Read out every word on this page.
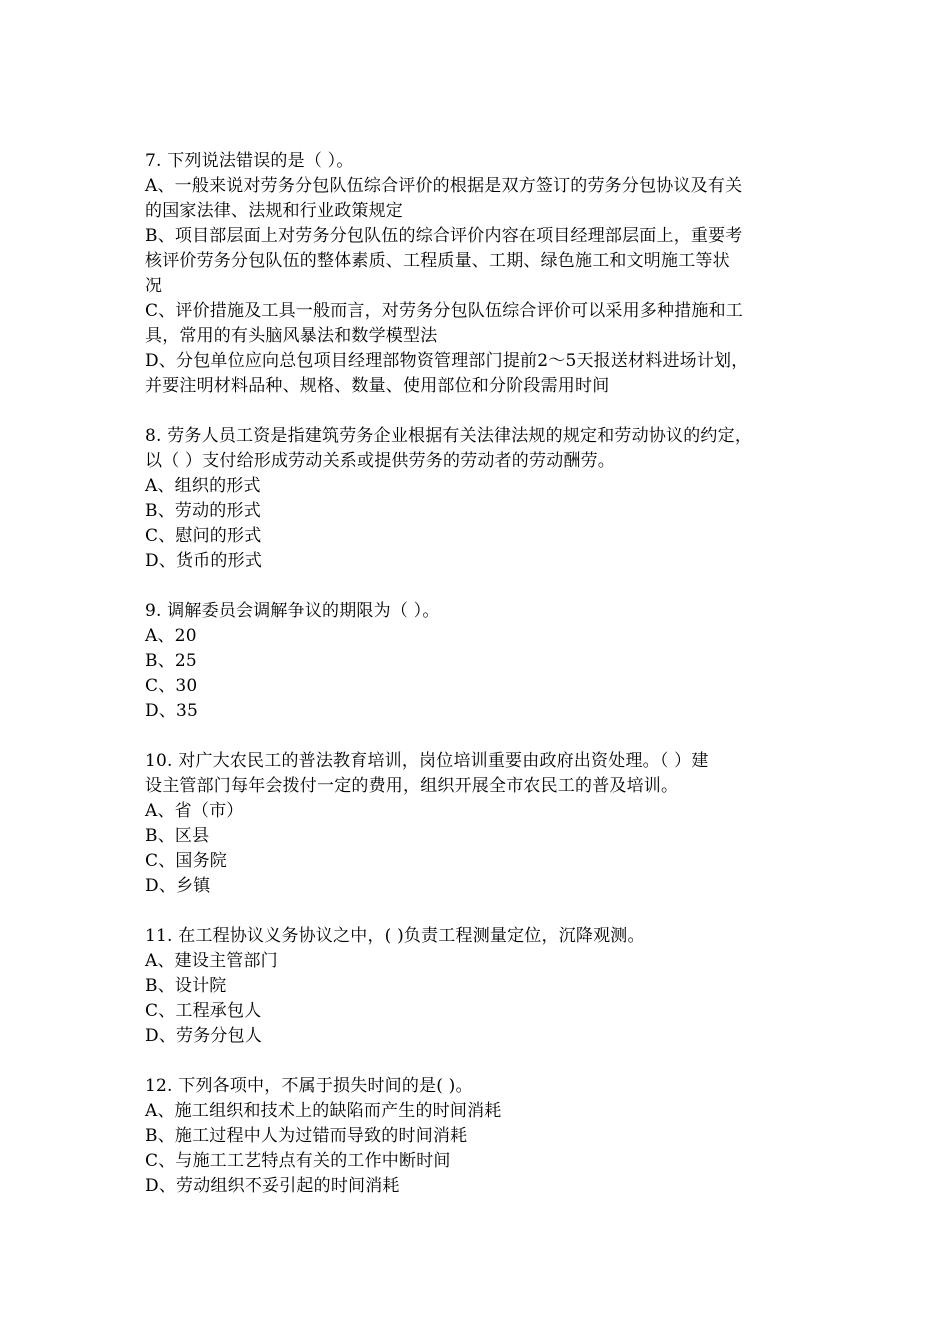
7. 下列说法错误的是（ ）。
A、一般来说对劳务分包队伍综合评价的根据是双方签订的劳务分包协议及有关
的国家法律、法规和行业政策规定
B、项目部层面上对劳务分包队伍的综合评价内容在项目经理部层面上，重要考
核评价劳务分包队伍的整体素质、工程质量、工期、绿色施工和文明施工等状
况
C、评价措施及工具一般而言，对劳务分包队伍综合评价可以采用多种措施和工
具，常用的有头脑风暴法和数学模型法
D、分包单位应向总包项目经理部物资管理部门提前2～5天报送材料进场计划，
并要注明材料品种、规格、数量、使用部位和分阶段需用时间
8. 劳务人员工资是指建筑劳务企业根据有关法律法规的规定和劳动协议的约定，
以（ ）支付给形成劳动关系或提供劳务的劳动者的劳动酬劳。
A、组织的形式
B、劳动的形式
C、慰问的形式
D、货币的形式
9. 调解委员会调解争议的期限为（ ）。
A、20
B、25
C、30
D、35
10. 对广大农民工的普法教育培训，岗位培训重要由政府出资处理。（ ）建
设主管部门每年会拨付一定的费用，组织开展全市农民工的普及培训。
A、省（市）
B、区县
C、国务院
D、乡镇
11. 在工程协议义务协议之中，( )负责工程测量定位，沉降观测。
A、建设主管部门
B、设计院
C、工程承包人
D、劳务分包人
12. 下列各项中，不属于损失时间的是( )。
A、施工组织和技术上的缺陷而产生的时间消耗
B、施工过程中人为过错而导致的时间消耗
C、与施工工艺特点有关的工作中断时间
D、劳动组织不妥引起的时间消耗
